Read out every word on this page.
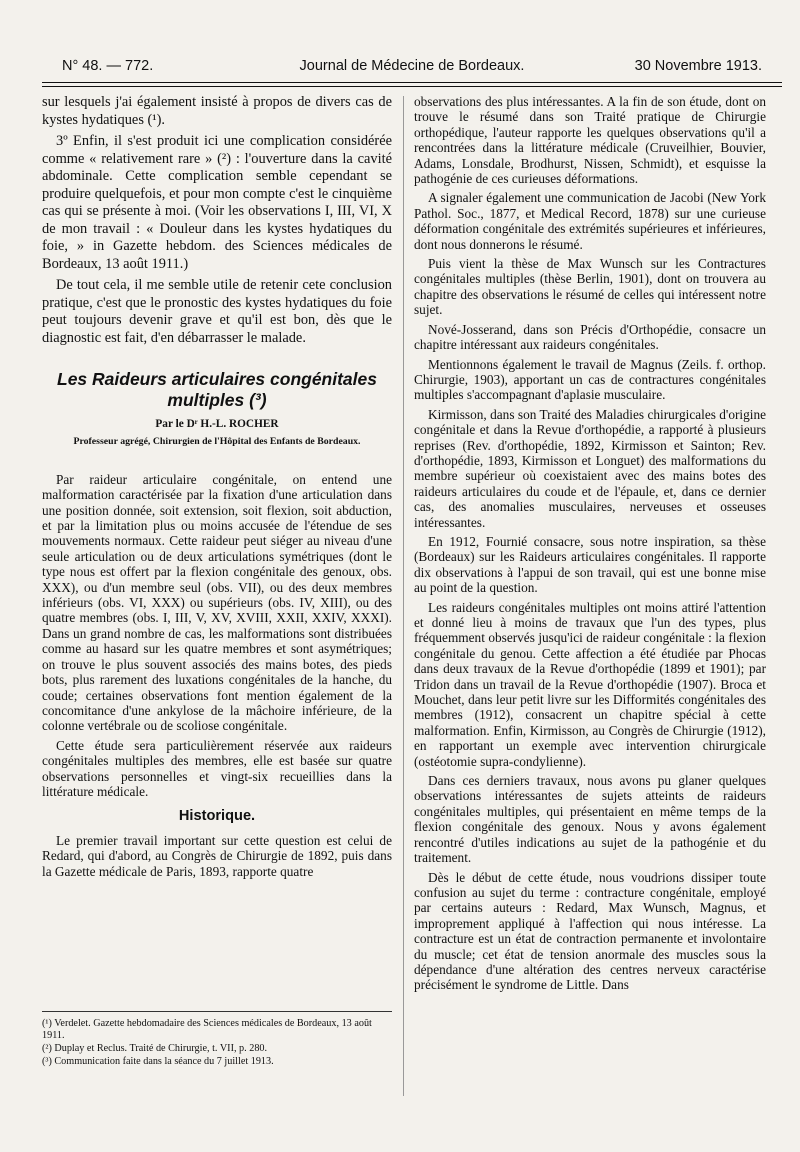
N° 48. — 772.	Journal de Médecine de Bordeaux.	30 Novembre 1913.

sur lesquels j'ai également insisté à propos de divers cas de kystes hydatiques (¹).

3º Enfin, il s'est produit ici une complication considérée comme « relativement rare » (²) : l'ouverture dans la cavité abdominale. Cette complication semble cependant se produire quelquefois, et pour mon compte c'est le cinquième cas qui se présente à moi. (Voir les observations I, III, VI, X de mon travail : « Douleur dans les kystes hydatiques du foie, » in Gazette hebdom. des Sciences médicales de Bordeaux, 13 août 1911.)

De tout cela, il me semble utile de retenir cete conclusion pratique, c'est que le pronostic des kystes hydatiques du foie peut toujours devenir grave et qu'il est bon, dès que le diagnostic est fait, d'en débarrasser le malade.

Les Raideurs articulaires congénitales multiples (³)
Par le Dʳ H.-L. ROCHER
Professeur agrégé, Chirurgien de l'Hôpital des Enfants de Bordeaux.

Par raideur articulaire congénitale, on entend une malformation caractérisée par la fixation d'une articulation dans une position donnée, soit extension, soit flexion, soit abduction, et par la limitation plus ou moins accusée de l'étendue de ses mouvements normaux. Cette raideur peut siéger au niveau d'une seule articulation ou de deux articulations symétriques (dont le type nous est offert par la flexion congénitale des genoux, obs. XXX), ou d'un membre seul (obs. VII), ou des deux membres inférieurs (obs. VI, XXX) ou supérieurs (obs. IV, XIII), ou des quatre membres (obs. I, III, V, XV, XVIII, XXII, XXIV, XXXI). Dans un grand nombre de cas, les malformations sont distribuées comme au hasard sur les quatre membres et sont asymétriques; on trouve le plus souvent associés des mains botes, des pieds bots, plus rarement des luxations congénitales de la hanche, du coude; certaines observations font mention également de la concomitance d'une ankylose de la mâchoire inférieure, de la colonne vertébrale ou de scoliose congénitale.

Cette étude sera particulièrement réservée aux raideurs congénitales multiples des membres, elle est basée sur quatre observations personnelles et vingt-six recueillies dans la littérature médicale.

Historique.

Le premier travail important sur cette question est celui de Redard, qui d'abord, au Congrès de Chirurgie de 1892, puis dans la Gazette médicale de Paris, 1893, rapporte quatre

(¹) Verdelet. Gazette hebdomadaire des Sciences médicales de Bordeaux, 13 août 1911.
(²) Duplay et Reclus. Traité de Chirurgie, t. VII, p. 280.
(³) Communication faite dans la séance du 7 juillet 1913.

observations des plus intéressantes. A la fin de son étude, dont on trouve le résumé dans son Traité pratique de Chirurgie orthopédique, l'auteur rapporte les quelques observations qu'il a rencontrées dans la littérature médicale (Cruveilhier, Bouvier, Adams, Lonsdale, Brodhurst, Nissen, Schmidt), et esquisse la pathogénie de ces curieuses déformations.

A signaler également une communication de Jacobi (New York Pathol. Soc., 1877, et Medical Record, 1878) sur une curieuse déformation congénitale des extrémités supérieures et inférieures, dont nous donnerons le résumé.

Puis vient la thèse de Max Wunsch sur les Contractures congénitales multiples (thèse Berlin, 1901), dont on trouvera au chapitre des observations le résumé de celles qui intéressent notre sujet.

Nové-Josserand, dans son Précis d'Orthopédie, consacre un chapitre intéressant aux raideurs congénitales.

Mentionnons également le travail de Magnus (Zeils. f. orthop. Chirurgie, 1903), apportant un cas de contractures congénitales multiples s'accompagnant d'aplasie musculaire.

Kirmisson, dans son Traité des Maladies chirurgicales d'origine congénitale et dans la Revue d'orthopédie, a rapporté à plusieurs reprises (Rev. d'orthopédie, 1892, Kirmisson et Sainton; Rev. d'orthopédie, 1893, Kirmisson et Longuet) des malformations du membre supérieur où coexistaient avec des mains botes des raideurs articulaires du coude et de l'épaule, et, dans ce dernier cas, des anomalies musculaires, nerveuses et osseuses intéressantes.

En 1912, Fournié consacre, sous notre inspiration, sa thèse (Bordeaux) sur les Raideurs articulaires congénitales. Il rapporte dix observations à l'appui de son travail, qui est une bonne mise au point de la question.

Les raideurs congénitales multiples ont moins attiré l'attention et donné lieu à moins de travaux que l'un des types, plus fréquemment observés jusqu'ici de raideur congénitale : la flexion congénitale du genou. Cette affection a été étudiée par Phocas dans deux travaux de la Revue d'orthopédie (1899 et 1901); par Tridon dans un travail de la Revue d'orthopédie (1907). Broca et Mouchet, dans leur petit livre sur les Difformités congénitales des membres (1912), consacrent un chapitre spécial à cette malformation. Enfin, Kirmisson, au Congrès de Chirurgie (1912), en rapportant un exemple avec intervention chirurgicale (ostéotomie supra-condylienne).

Dans ces derniers travaux, nous avons pu glaner quelques observations intéressantes de sujets atteints de raideurs congénitales multiples, qui présentaient en même temps de la flexion congénitale des genoux. Nous y avons également rencontré d'utiles indications au sujet de la pathogénie et du traitement.

Dès le début de cette étude, nous voudrions dissiper toute confusion au sujet du terme : contracture congénitale, employé par certains auteurs : Redard, Max Wunsch, Magnus, et improprement appliqué à l'affection qui nous intéresse. La contracture est un état de contraction permanente et involontaire du muscle; cet état de tension anormale des muscles sous la dépendance d'une altération des centres nerveux caractérise précisément le syndrome de Little. Dans
